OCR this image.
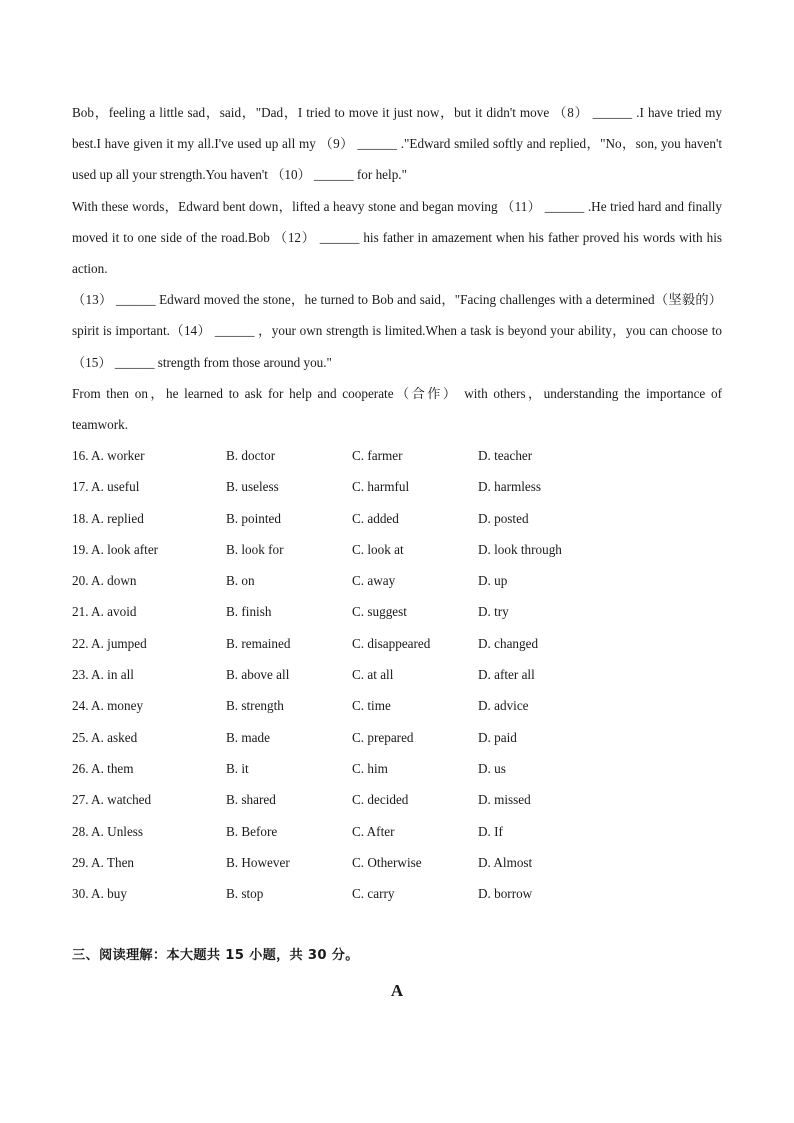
Bob，feeling a little sad，said，"Dad，I tried to move it just now，but it didn't move （8） ______ .I have tried my best.I have given it my all.I've used up all my （9） ______ ."Edward smiled softly and replied，"No，son, you haven't used up all your strength.You haven't （10） ______ for help."

With these words，Edward bent down，lifted a heavy stone and began moving （11） ______ .He tried hard and finally moved it to one side of the road.Bob （12） ______ his father in amazement when his father proved his words with his action.

（13） ______ Edward moved the stone，he turned to Bob and said，"Facing challenges with a determined（坚毅的） spirit is important.（14） ______ ，your own strength is limited.When a task is beyond your ability，you can choose to （15） ______ strength from those around you."

From then on，he learned to ask for help and cooperate（合作） with others，understanding the importance of teamwork.

16. A. worker	B. doctor	C. farmer	D. teacher
17. A. useful	B. useless	C. harmful	D. harmless
18. A. replied	B. pointed	C. added	D. posted
19. A. look after	B. look for	C. look at	D. look through
20. A. down	B. on	C. away	D. up
21. A. avoid	B. finish	C. suggest	D. try
22. A. jumped	B. remained	C. disappeared	D. changed
23. A. in all	B. above all	C. at all	D. after all
24. A. money	B. strength	C. time	D. advice
25. A. asked	B. made	C. prepared	D. paid
26. A. them	B. it	C. him	D. us
27. A. watched	B. shared	C. decided	D. missed
28. A. Unless	B. Before	C. After	D. If
29. A. Then	B. However	C. Otherwise	D. Almost
30. A. buy	B. stop	C. carry	D. borrow
三、阅读理解：本大题共 15 小题，共 30 分。
A
